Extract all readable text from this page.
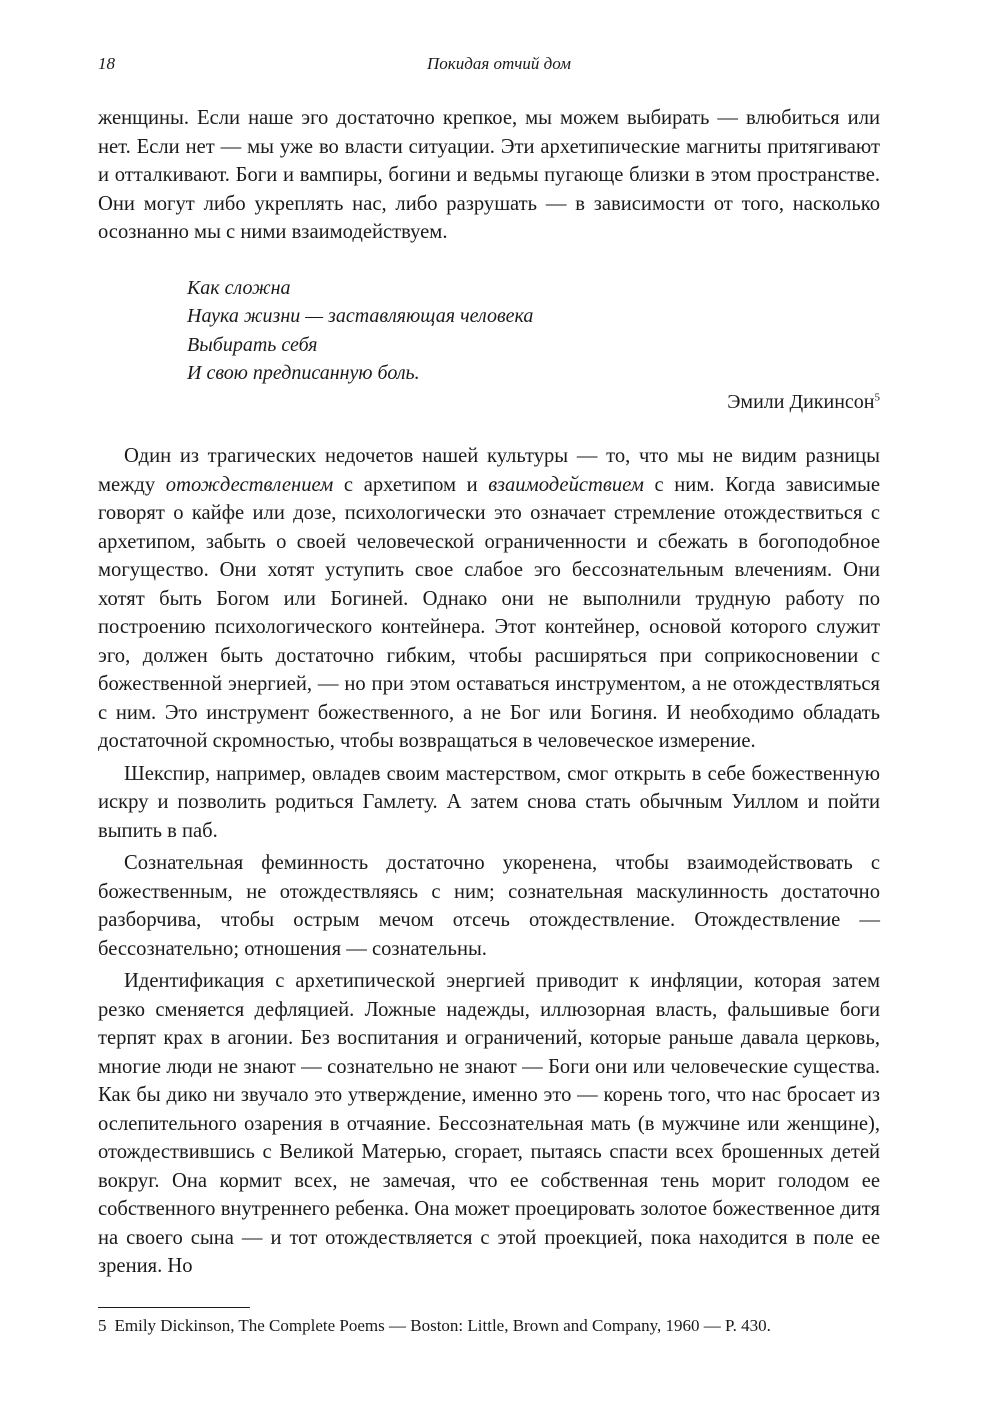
18	Покидая отчий дом

женщины. Если наше эго достаточно крепкое, мы можем выбирать — влюбиться или нет. Если нет — мы уже во власти ситуации. Эти архетипические магниты притягивают и отталкивают. Боги и вампиры, богини и ведьмы пугающе близки в этом пространстве. Они могут либо укреплять нас, либо разрушать — в зависимости от того, насколько осознанно мы с ними взаимодействуем.

Как сложна
Наука жизни — заставляющая человека
Выбирать себя
И свою предписанную боль.
Эмили Дикинсон$^5$

Один из трагических недочетов нашей культуры — то, что мы не видим разницы между отождествлением с архетипом и взаимодействием с ним. Когда зависимые говорят о кайфе или дозе, психологически это означает стремление отождествиться с архетипом, забыть о своей человеческой ограниченности и сбежать в богоподобное могущество. Они хотят уступить свое слабое эго бессознательным влечениям. Они хотят быть Богом или Богиней. Однако они не выполнили трудную работу по построению психологического контейнера. Этот контейнер, основой которого служит эго, должен быть достаточно гибким, чтобы расширяться при соприкосновении с божественной энергией, — но при этом оставаться инструментом, а не отождествляться с ним. Это инструмент божественного, а не Бог или Богиня. И необходимо обладать достаточной скромностью, чтобы возвращаться в человеческое измерение.

Шекспир, например, овладев своим мастерством, смог открыть в себе божественную искру и позволить родиться Гамлету. А затем снова стать обычным Уиллом и пойти выпить в паб.

Сознательная феминность достаточно укоренена, чтобы взаимодействовать с божественным, не отождествляясь с ним; сознательная маскулинность достаточно разборчива, чтобы острым мечом отсечь отождествление. Отождествление — бессознательно; отношения — сознательны.

Идентификация с архетипической энергией приводит к инфляции, которая затем резко сменяется дефляцией. Ложные надежды, иллюзорная власть, фальшивые боги терпят крах в агонии. Без воспитания и ограничений, которые раньше давала церковь, многие люди не знают — сознательно не знают — Боги они или человеческие существа. Как бы дико ни звучало это утверждение, именно это — корень того, что нас бросает из ослепительного озарения в отчаяние. Бессознательная мать (в мужчине или женщине), отождествившись с Великой Матерью, сгорает, пытаясь спасти всех брошенных детей вокруг. Она кормит всех, не замечая, что ее собственная тень морит голодом ее собственного внутреннего ребенка. Она может проецировать золотое божественное дитя на своего сына — и тот отождествляется с этой проекцией, пока находится в поле ее зрения. Но

5 Emily Dickinson, The Complete Poems — Boston: Little, Brown and Company, 1960 — P. 430.
